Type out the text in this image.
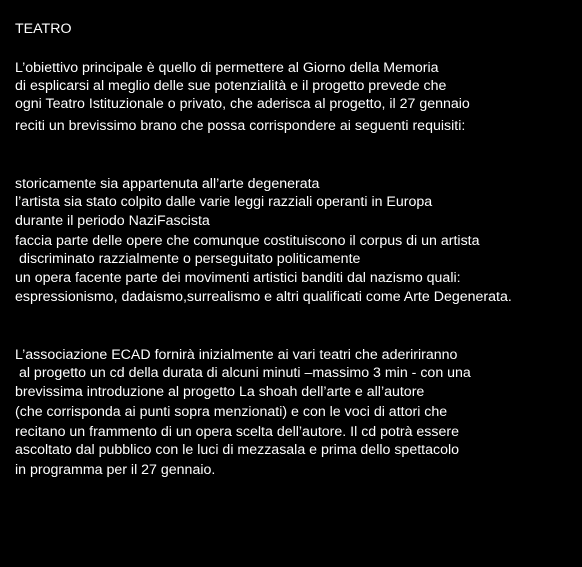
TEATRO
L’obiettivo principale è quello di permettere al Giorno della Memoria
di esplicarsi al meglio delle sue potenzialità e il progetto prevede che
ogni Teatro Istituzionale o privato, che aderisca al progetto, il 27 gennaio
reciti un brevissimo brano che possa corrispondere ai seguenti requisiti:
storicamente sia appartenuta all’arte degenerata
l’artista sia stato colpito dalle varie leggi razziali operanti in Europa
durante il periodo NaziFascista
faccia parte delle opere che comunque costituiscono il corpus di un artista
discriminato razzialmente o perseguitato politicamente
un opera facente parte dei movimenti artistici banditi dal nazismo quali:
espressionismo, dadaismo,surrealismo e altri qualificati come Arte Degenerata.
L’associazione ECAD fornirà inizialmente ai vari teatri che adeririranno
al progetto un cd della durata di alcuni minuti –massimo 3 min - con una
brevissima introduzione al progetto La shoah dell’arte e all’autore
(che corrisponda ai punti sopra menzionati) e con le voci di attori che
recitano un frammento di un opera scelta dell’autore. Il cd potrà essere
ascoltato dal pubblico con le luci di mezzasala e prima dello spettacolo
in programma per il 27 gennaio.
